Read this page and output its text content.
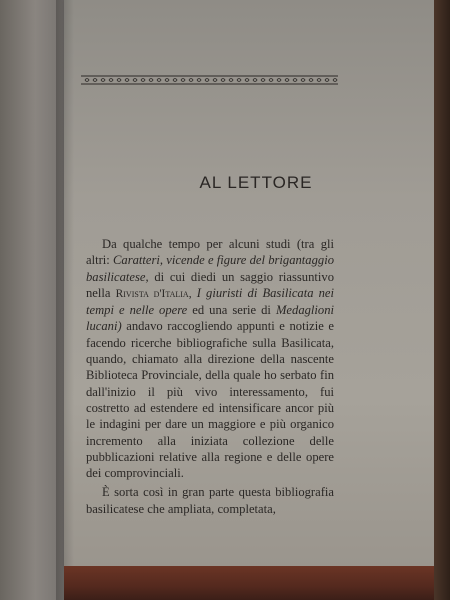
AL LETTORE

Da qualche tempo per alcuni studi (tra gli altri: Caratteri, vicende e figure del brigantaggio basilicatese, di cui diedi un saggio riassuntivo nella Rivista d'Italia, I giuristi di Basilicata nei tempi e nelle opere ed una serie di Medaglioni lucani) andavo raccogliendo appunti e notizie e facendo ricerche bibliografiche sulla Basilicata, quando, chiamato alla direzione della nascente Biblioteca Provinciale, della quale ho serbato fin dall'inizio il più vivo interessamento, fui costretto ad estendere ed intensificare ancor più le indagini per dare un maggiore e più organico incremento alla iniziata collezione delle pubblicazioni relative alla regione e delle opere dei comprovinciali.

È sorta così in gran parte questa bibliografia basilicatese che ampliata, completata,
